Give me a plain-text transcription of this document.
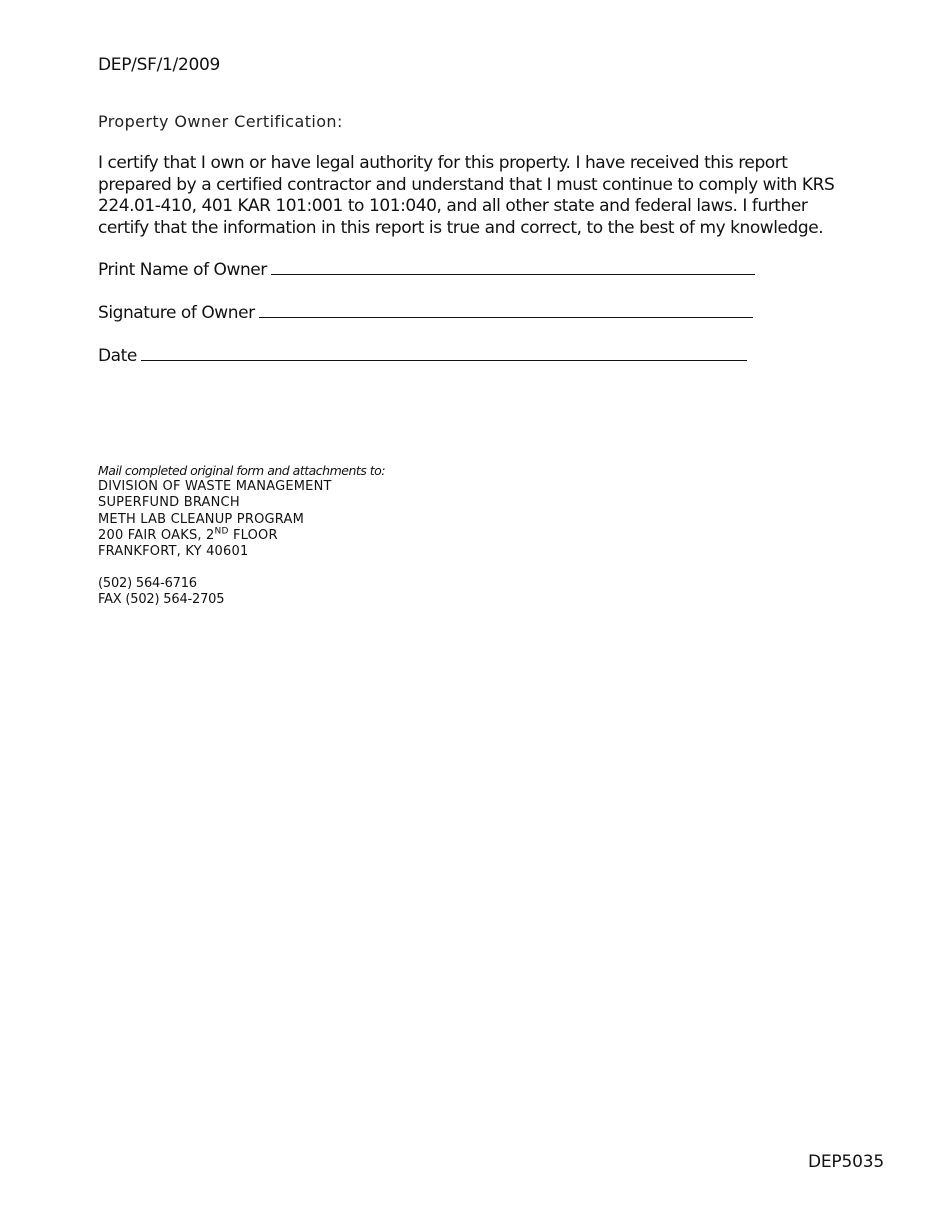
DEP/SF/1/2009
Property Owner Certification:

I certify that I own or have legal authority for this property. I have received this report prepared by a certified contractor and understand that I must continue to comply with KRS 224.01-410, 401 KAR 101:001 to 101:040, and all other state and federal laws. I further certify that the information in this report is true and correct, to the best of my knowledge.

Print Name of Owner
Signature of Owner
Date
Mail completed original form and attachments to:
DIVISION OF WASTE MANAGEMENT
SUPERFUND BRANCH
METH LAB CLEANUP PROGRAM
200 FAIR OAKS, 2ND FLOOR
FRANKFORT, KY 40601
(502) 564-6716
FAX (502) 564-2705
DEP5035
